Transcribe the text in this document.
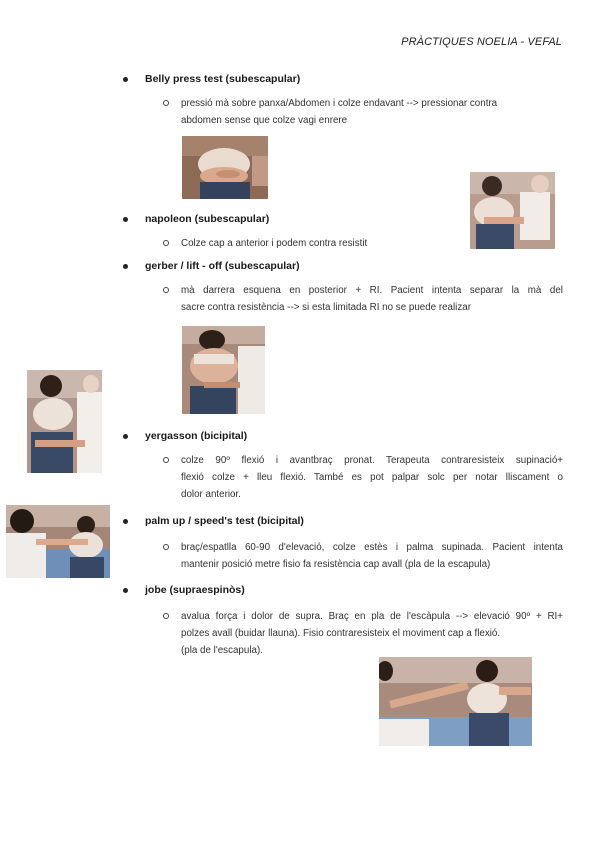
PRÀCTIQUES NOELIA - VEFAL
Belly press test (subescapular)
pressió mà sobre panxa/Abdomen i colze endavant --> pressionar contra
abdomen sense que colze vagi enrere
napoleon (subescapular)
Colze cap a anterior i podem contra resistit
gerber / lift - off (subescapular)
mà darrera esquena en posterior + RI. Pacient intenta separar la mà del
sacre contra resistència --> si esta limitada RI no se puede realizar
yergasson (bicipital)
colze 90º flexió i avantbraç pronat. Terapeuta contraresisteix supinació+
flexió colze + lleu flexió. També es pot palpar solc per notar lliscament o
dolor anterior.
palm up / speed's test (bicipital)
braç/espatlla 60-90 d'elevació, colze estès i palma supinada. Pacient intenta
mantenir posició metre fisio fa resistència cap avall (pla de la escapula)
jobe (supraespinòs)
avalua força i dolor de supra. Braç en pla de l'escàpula --> elevació 90º + RI+
polzes avall (buidar llauna). Fisio contraresisteix el moviment cap a flexió.
(pla de l'escapula).
